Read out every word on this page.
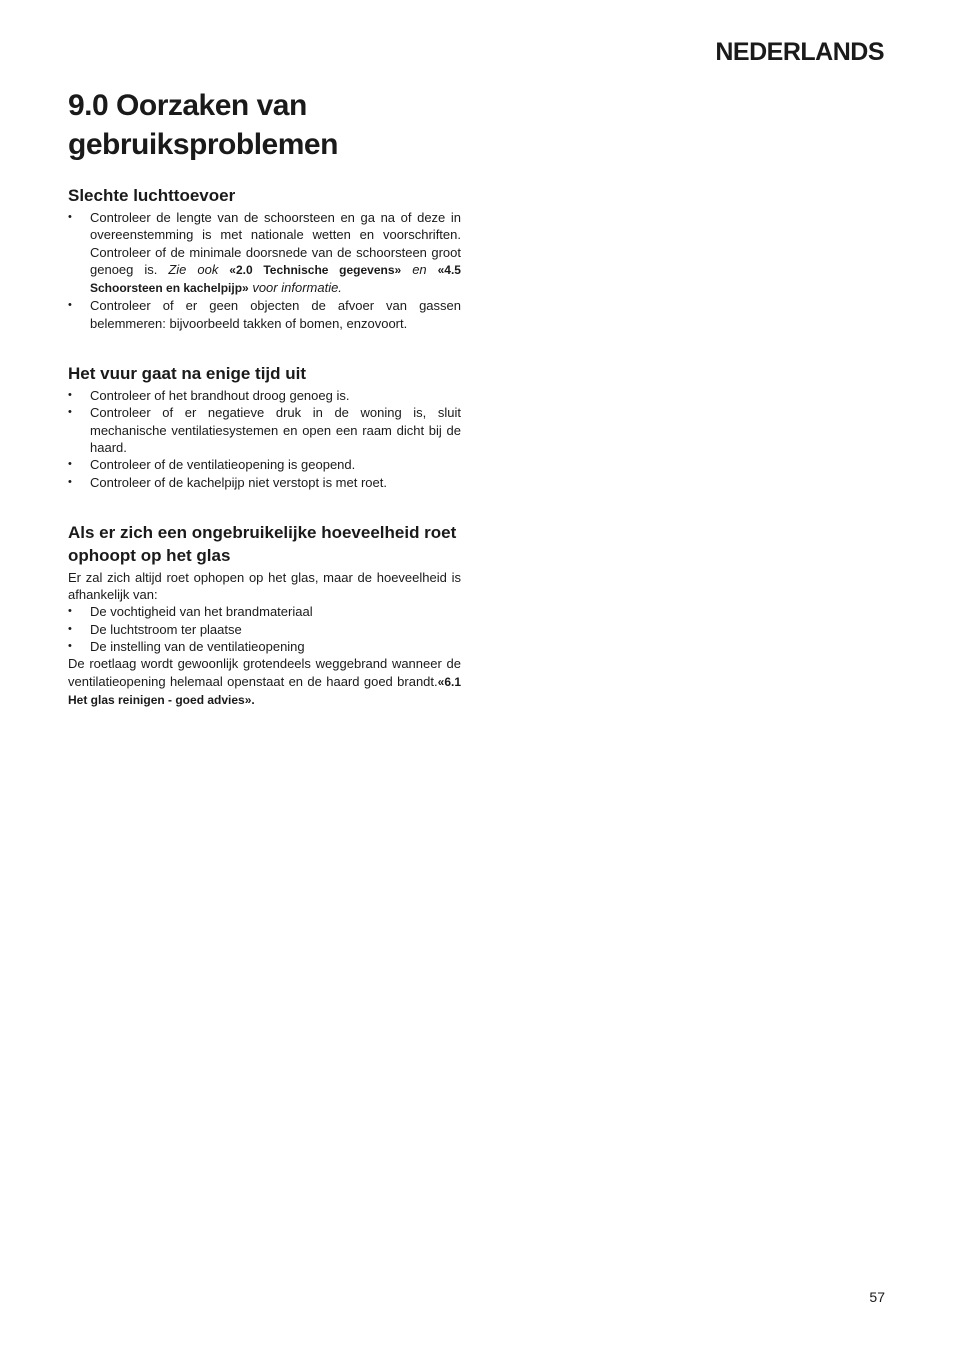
NEDERLANDS
9.0 Oorzaken van gebruiksproblemen
Slechte luchttoevoer
• Controleer de lengte van de schoorsteen en ga na of deze in overeenstemming is met nationale wetten en voorschriften. Controleer of de minimale doorsnede van de schoorsteen groot genoeg is. Zie ook «2.0 Technische gegevens» en «4.5 Schoorsteen en kachelpijp» voor informatie.
• Controleer of er geen objecten de afvoer van gassen belemmeren: bijvoorbeeld takken of bomen, enzovoort.
Het vuur gaat na enige tijd uit
• Controleer of het brandhout droog genoeg is.
• Controleer of er negatieve druk in de woning is, sluit mechanische ventilatiesystemen en open een raam dicht bij de haard.
• Controleer of de ventilatieopening is geopend.
• Controleer of de kachelpijp niet verstopt is met roet.
Als er zich een ongebruikelijke hoeveelheid roet ophoopt op het glas

Er zal zich altijd roet ophopen op het glas, maar de hoeveelheid is afhankelijk van:

• De vochtigheid van het brandmateriaal
• De luchtstroom ter plaatse
• De instelling van de ventilatieopening

De roetlaag wordt gewoonlijk grotendeels weggebrand wanneer de ventilatieopening helemaal openstaat en de haard goed brandt.«6.1 Het glas reinigen - goed advies».

57
